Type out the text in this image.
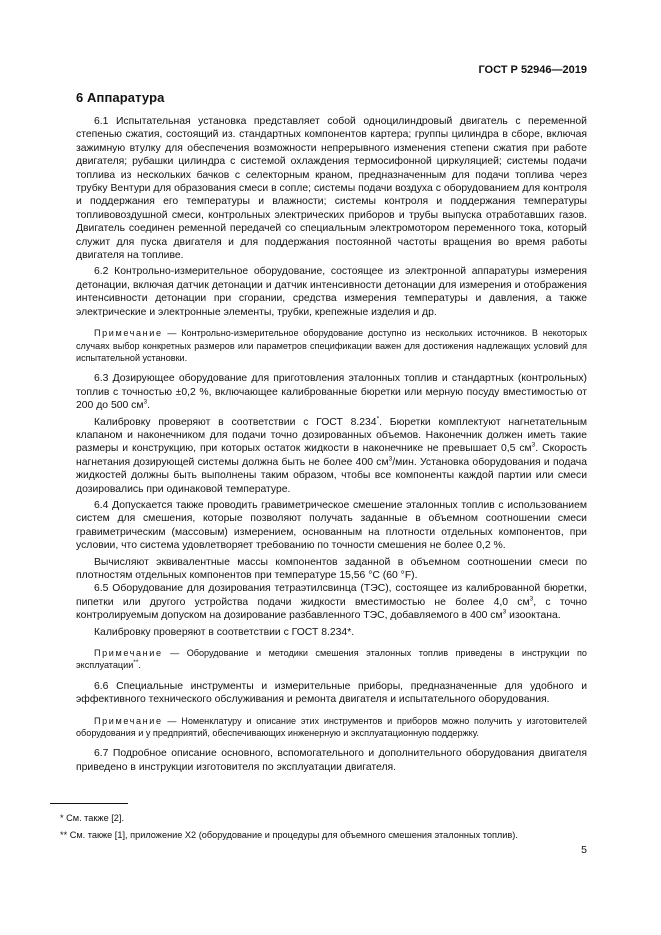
ГОСТ Р 52946—2019
6 Аппаратура

6.1 Испытательная установка представляет собой одноцилиндровый двигатель с переменной степенью сжатия, состоящий из. стандартных компонентов картера; группы цилиндра в сборе, включая зажимную втулку для обеспечения возможности непрерывного изменения степени сжатия при работе двигателя; рубашки цилиндра с системой охлаждения термосифонной циркуляцией; системы подачи топлива из нескольких бачков с селекторным краном, предназначенным для подачи топлива через трубку Вентури для образования смеси в сопле; системы подачи воздуха с оборудованием для контроля и поддержания его температуры и влажности; системы контроля и поддержания температуры топливовоздушной смеси, контрольных электрических приборов и трубы выпуска отработавших газов. Двигатель соединен ременной передачей со специальным электромотором переменного тока, который служит для пуска двигателя и для поддержания постоянной частоты вращения во время работы двигателя на топливе.

6.2 Контрольно-измерительное оборудование, состоящее из электронной аппаратуры измерения детонации, включая датчик детонации и датчик интенсивности детонации для измерения и отображения интенсивности детонации при сгорании, средства измерения температуры и давления, а также электрические и электронные элементы, трубки, крепежные изделия и др.

Примечание — Контрольно-измерительное оборудование доступно из нескольких источников. В некоторых случаях выбор конкретных размеров или параметров спецификации важен для достижения надлежащих условий для испытательной установки.

6.3 Дозирующее оборудование для приготовления эталонных топлив и стандартных (контрольных) топлив с точностью ±0,2 %, включающее калиброванные бюретки или мерную посуду вместимостью от 200 до 500 $см^3$.

Калибровку проверяют в соответствии с ГОСТ 8.234*. Бюретки комплектуют нагнетательным клапаном и наконечником для подачи точно дозированных объемов. Наконечник должен иметь такие размеры и конструкцию, при которых остаток жидкости в наконечнике не превышает 0,5 $см^3$. Скорость нагнетания дозирующей системы должна быть не более 400 $см^3$/мин. Установка оборудования и подача жидкостей должны быть выполнены таким образом, чтобы все компоненты каждой партии или смеси дозировались при одинаковой температуре.

6.4 Допускается также проводить гравиметрическое смешение эталонных топлив с использованием систем для смешения, которые позволяют получать заданные в объемном соотношении смеси гравиметрическим (массовым) измерением, основанным на плотности отдельных компонентов, при условии, что система удовлетворяет требованию по точности смешения не более 0,2 %.

Вычисляют эквивалентные массы компонентов заданной в объемном соотношении смеси по плотностям отдельных компонентов при температуре 15,56 °С (60 °F).

6.5 Оборудование для дозирования тетраэтилсвинца (ТЭС), состоящее из калиброванной бюретки, пипетки или другого устройства подачи жидкости вместимостью не более 4,0 $см^3$, с точно контролируемым допуском на дозирование разбавленного ТЭС, добавляемого в 400 $см^3$ изооктана.

Калибровку проверяют в соответствии с ГОСТ 8.234*.

Примечание — Оборудование и методики смешения эталонных топлив приведены в инструкции по эксплуатации**.

6.6 Специальные инструменты и измерительные приборы, предназначенные для удобного и эффективного технического обслуживания и ремонта двигателя и испытательного оборудования.

Примечание — Номенклатуру и описание этих инструментов и приборов можно получить у изготовителей оборудования и у предприятий, обеспечивающих инженерную и эксплуатационную поддержку.

6.7 Подробное описание основного, вспомогательного и дополнительного оборудования двигателя приведено в инструкции изготовителя по эксплуатации двигателя.

* См. также [2].
** См. также [1], приложение Х2 (оборудование и процедуры для объемного смешения эталонных топлив).
5
